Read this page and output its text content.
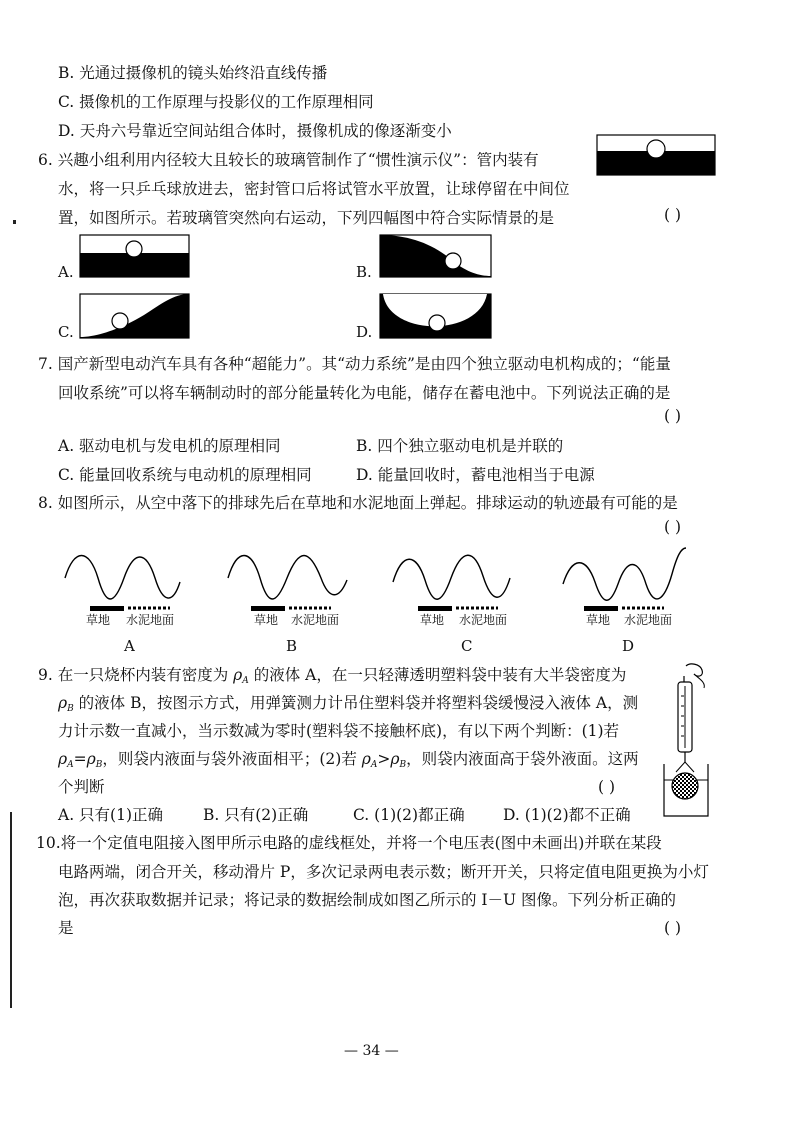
B. 光通过摄像机的镜头始终沿直线传播
C. 摄像机的工作原理与投影仪的工作原理相同
D. 天舟六号靠近空间站组合体时，摄像机成的像逐渐变小
6. 兴趣小组利用内径较大且较长的玻璃管制作了“惯性演示仪”：管内装有
水，将一只乒乓球放进去，密封管口后将试管水平放置，让球停留在中间位
置，如图所示。若玻璃管突然向右运动，下列四幅图中符合实际情景的是	( )
A.	B.
C.	D.
7. 国产新型电动汽车具有各种“超能力”。其“动力系统”是由四个独立驱动电机构成的；“能量
回收系统”可以将车辆制动时的部分能量转化为电能，储存在蓄电池中。下列说法正确的是
( )
A. 驱动电机与发电机的原理相同	B. 四个独立驱动电机是并联的
C. 能量回收系统与电动机的原理相同	D. 能量回收时，蓄电池相当于电源
8. 如图所示，从空中落下的排球先后在草地和水泥地面上弹起。排球运动的轨迹最有可能的是
( )
草地 水泥地面
A
草地 水泥地面
B
草地 水泥地面
C
草地 水泥地面
D
9. 在一只烧杯内装有密度为 $\rho_A$ 的液体 A，在一只轻薄透明塑料袋中装有大半袋密度为
$\rho_B$ 的液体 B，按图示方式，用弹簧测力计吊住塑料袋并将塑料袋缓慢浸入液体 A，测
力计示数一直减小，当示数减为零时(塑料袋不接触杯底)，有以下两个判断：(1)若
$\rho_A=\rho_B$，则袋内液面与袋外液面相平；(2)若 $\rho_A>\rho_B$，则袋内液面高于袋外液面。这两
个判断	( )
A. 只有(1)正确	B. 只有(2)正确	C. (1)(2)都正确 D. (1)(2)都不正确
10.将一个定值电阻接入图甲所示电路的虚线框处，并将一个电压表(图中未画出)并联在某段
电路两端，闭合开关，移动滑片 P，多次记录两电表示数；断开开关，只将定值电阻更换为小灯
泡，再次获取数据并记录；将记录的数据绘制成如图乙所示的 I－U 图像。下列分析正确的
是	( )
— 34 —
